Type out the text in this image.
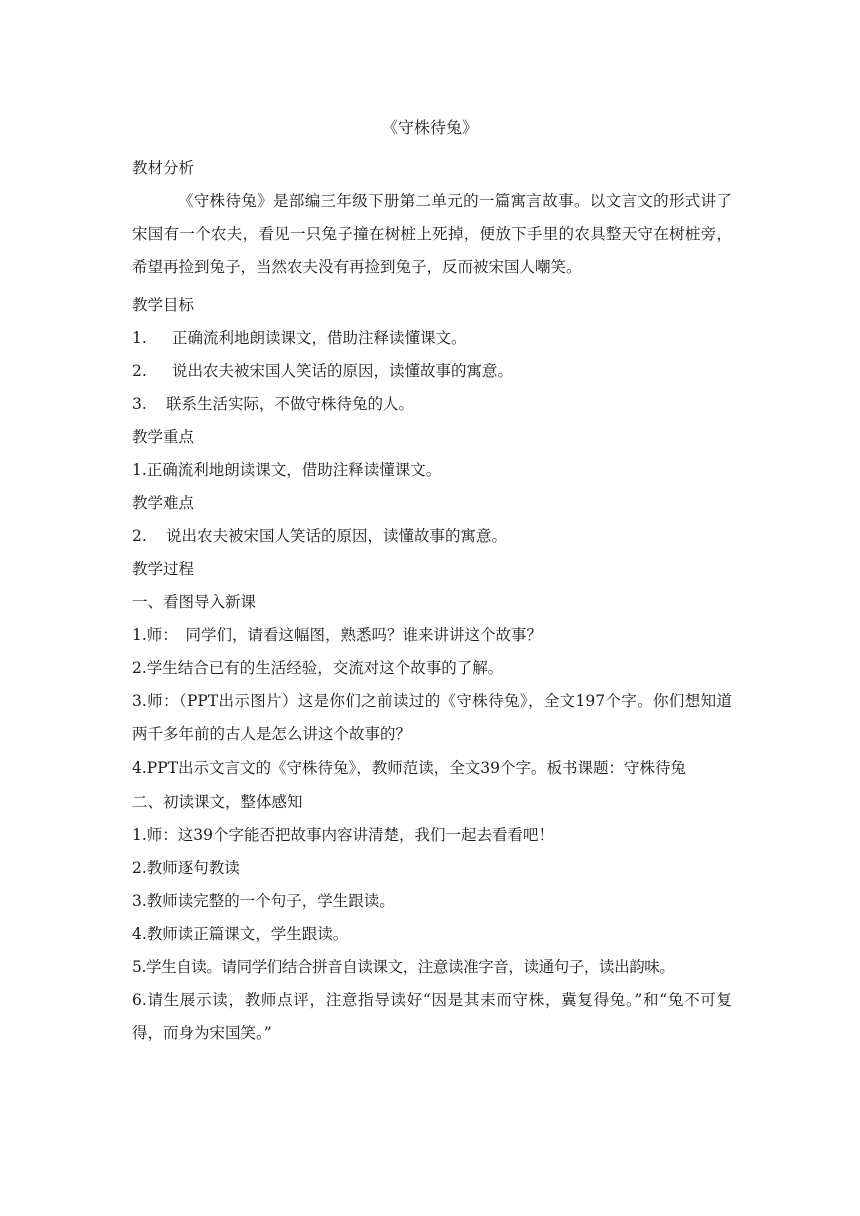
《守株待兔》

教材分析

《守株待兔》是部编三年级下册第二单元的一篇寓言故事。以文言文的形式讲了宋国有一个农夫，看见一只兔子撞在树桩上死掉，便放下手里的农具整天守在树桩旁，希望再捡到兔子，当然农夫没有再捡到兔子，反而被宋国人嘲笑。

教学目标

1. 正确流利地朗读课文，借助注释读懂课文。

2. 说出农夫被宋国人笑话的原因，读懂故事的寓意。

3. 联系生活实际，不做守株待兔的人。

教学重点

1.正确流利地朗读课文，借助注释读懂课文。

教学难点

2. 说出农夫被宋国人笑话的原因，读懂故事的寓意。

教学过程

一、看图导入新课

1.师：　同学们，请看这幅图，熟悉吗？谁来讲讲这个故事？

2.学生结合已有的生活经验，交流对这个故事的了解。

3.师：（PPT出示图片）这是你们之前读过的《守株待兔》，全文197个字。你们想知道两千多年前的古人是怎么讲这个故事的？

4.PPT出示文言文的《守株待兔》，教师范读，全文39个字。板书课题：守株待兔

二、初读课文，整体感知

1.师：这39个字能否把故事内容讲清楚，我们一起去看看吧！

2.教师逐句教读

3.教师读完整的一个句子，学生跟读。

4.教师读正篇课文，学生跟读。

5.学生自读。请同学们结合拼音自读课文，注意读准字音，读通句子，读出韵味。

6.请生展示读，教师点评，注意指导读好“因是其耒而守株，冀复得兔。”和“兔不可复得，而身为宋国笑。”
